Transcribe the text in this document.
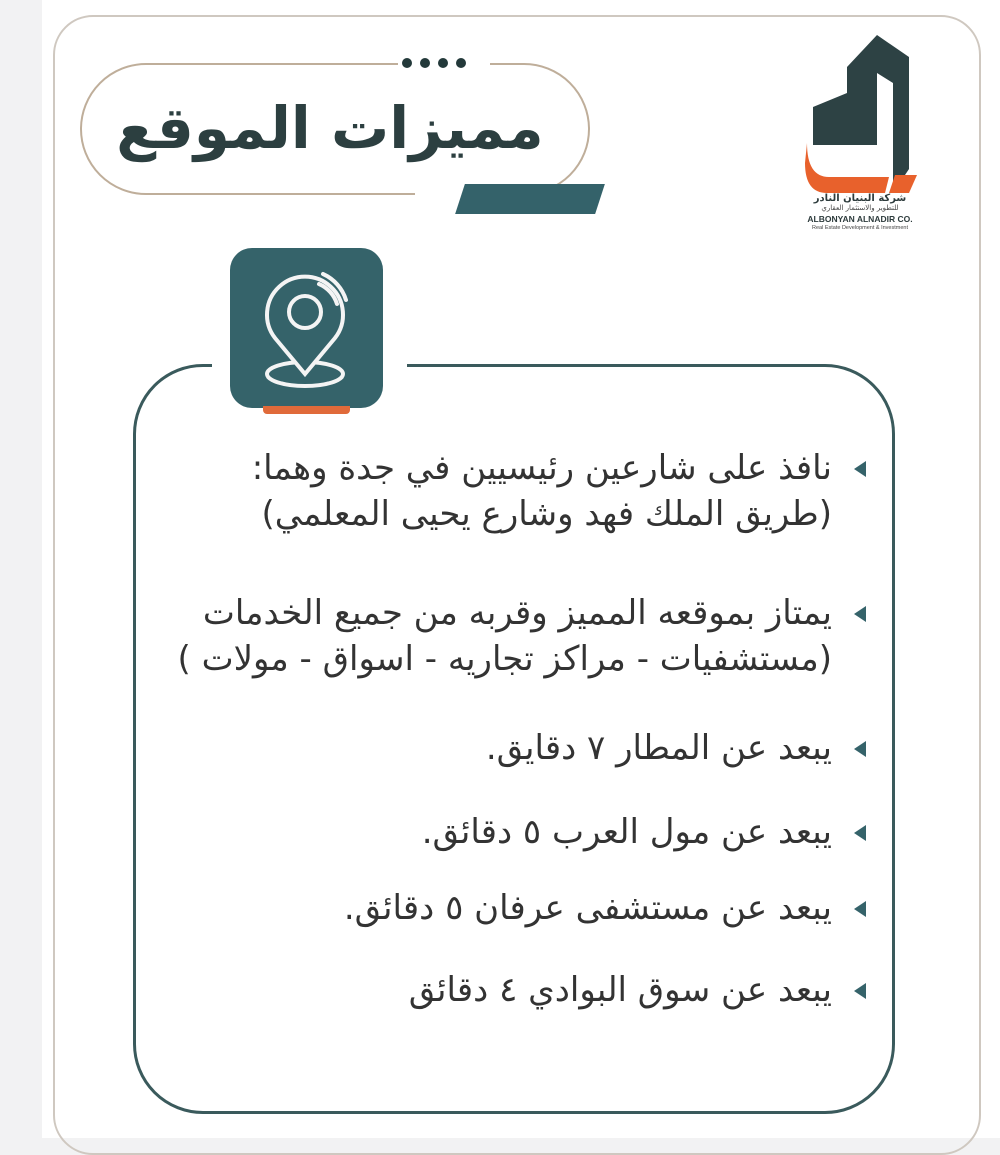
مميزات الموقع
شركة البنيان النادر
للتطوير والاستثمار العقاري
ALBONYAN ALNADIR CO.
Real Estate Development & Investment
نافذ على شارعين رئيسيين في جدة وهما:
(طريق الملك فهد وشارع يحيى المعلمي)
يمتاز بموقعه المميز وقربه من جميع الخدمات
(مستشفيات - مراكز تجاريه - اسواق - مولات )
يبعد عن المطار ٧ دقايق.
يبعد عن مول العرب ٥ دقائق.
يبعد عن مستشفى عرفان ٥ دقائق.
يبعد عن سوق البوادي ٤ دقائق
